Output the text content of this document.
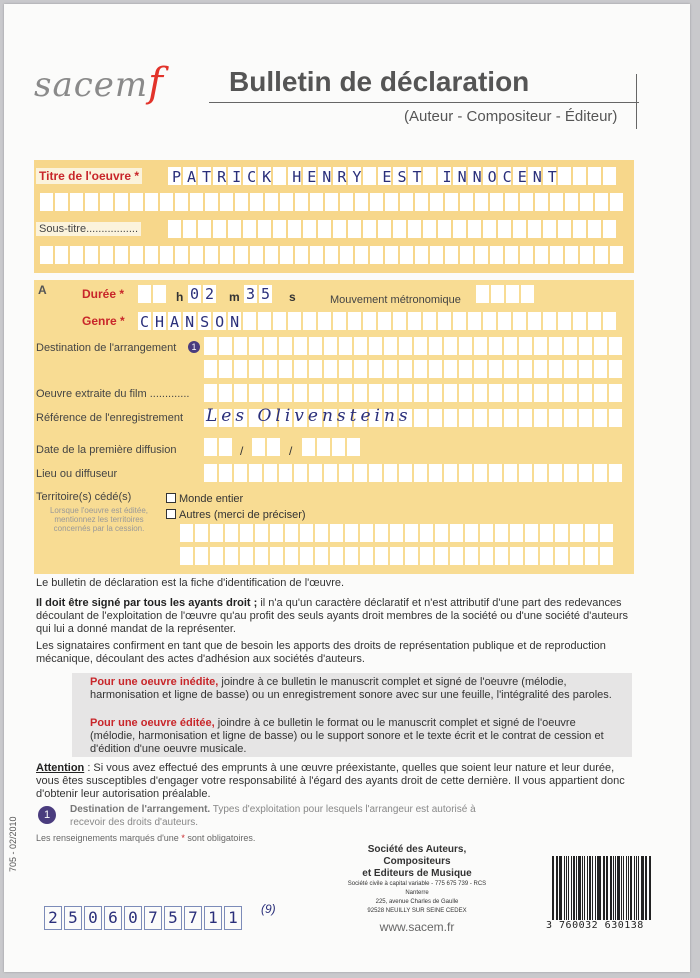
sacemf Bulletin de déclaration
(Auteur - Compositeur - Éditeur)
Titre de l'oeuvre * PATRICK HENRY EST INNOCENT
Sous-titre.................
A	Durée *	h 02 m 35 s	Mouvement métronomique
Genre * CHANSON
Destination de l'arrangement	1
Oeuvre extraite du film .............
Référence de l'enregistrement Les Olivensteins
Date de la première diffusion	/	/
Lieu ou diffuseur
Territoire(s) cédé(s)
Lorsque l'oeuvre est éditée, mentionnez les territoires concernés par la cession.
Monde entier
Autres (merci de préciser)
Le bulletin de déclaration est la fiche d'identification de l'œuvre.
Il doit être signé par tous les ayants droit ; il n'a qu'un caractère déclaratif et n'est attributif d'une part des redevances découlant de l'exploitation de l'œuvre qu'au profit des seuls ayants droit membres de la société ou d'une société d'auteurs qui lui a donné mandat de la représenter.
Les signataires confirment en tant que de besoin les apports des droits de représentation publique et de reproduction mécanique, découlant des actes d'adhésion aux sociétés d'auteurs.
Pour une oeuvre inédite, joindre à ce bulletin le manuscrit complet et signé de l'oeuvre (mélodie, harmonisation et ligne de basse) ou un enregistrement sonore avec sur une feuille, l'intégralité des paroles.
Pour une oeuvre éditée, joindre à ce bulletin le format ou le manuscrit complet et signé de l'oeuvre (mélodie, harmonisation et ligne de basse) ou le support sonore et le texte écrit et le contrat de cession et d'édition d'une oeuvre musicale.
Attention : Si vous avez effectué des emprunts à une œuvre préexistante, quelles que soient leur nature et leur durée, vous êtes susceptibles d'engager votre responsabilité à l'égard des ayants droit de cette dernière. Il vous appartient donc d'obtenir leur autorisation préalable.
1	Destination de l'arrangement. Types d'exploitation pour lesquels l'arrangeur est autorisé à recevoir des droits d'auteurs.
Les renseignements marqués d'une * sont obligatoires.
705 - 02/2010
2 5 0 6 0 7 5 7 1 1	(9)
Société des Auteurs, Compositeurs
et Editeurs de Musique
Société civile à capital variable - 775 675 739 - RCS Nanterre
225, avenue Charles de Gaulle
92528 NEUILLY SUR SEINE CEDEX
www.sacem.fr	3 760032 630138
